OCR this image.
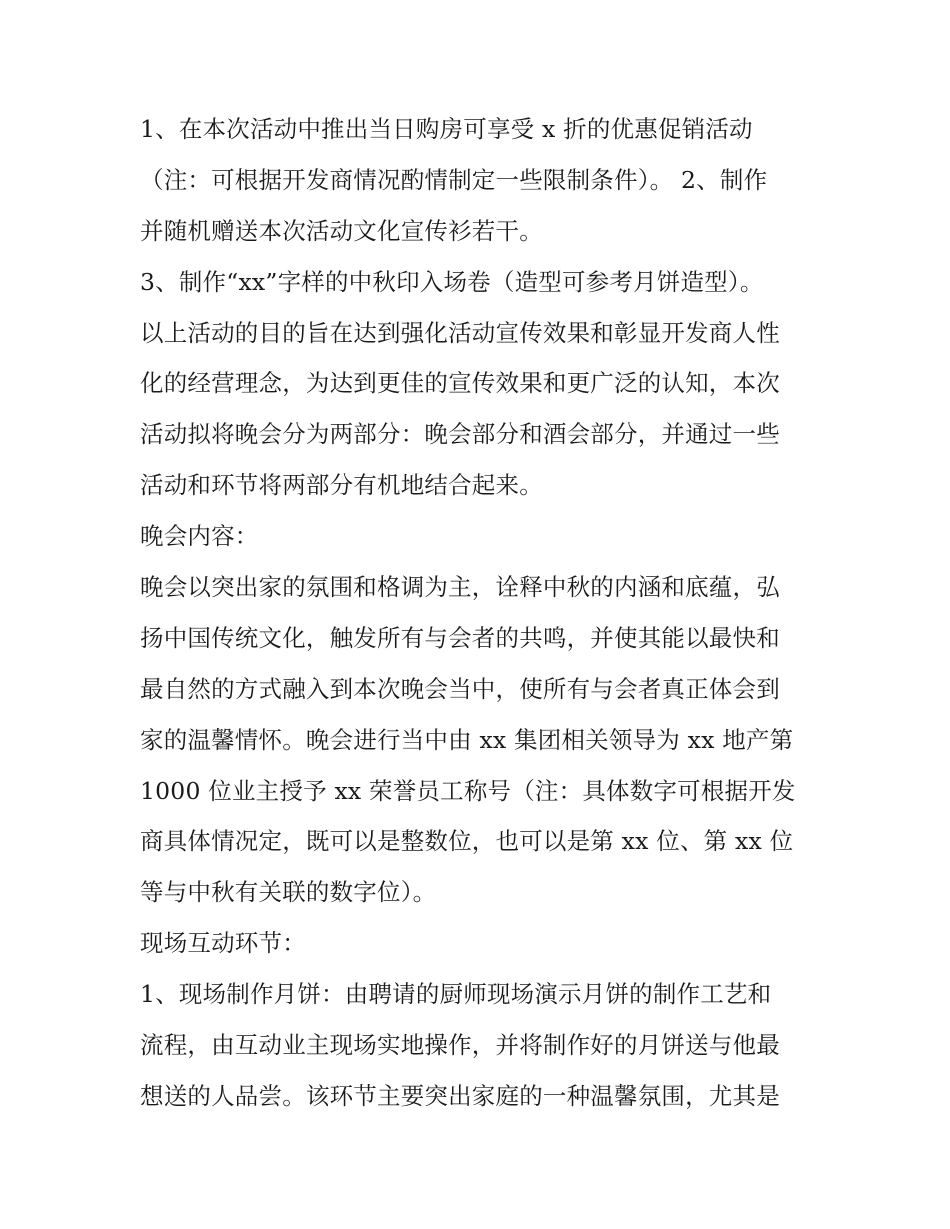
1、在本次活动中推出当日购房可享受 x 折的优惠促销活动

（注：可根据开发商情况酌情制定一些限制条件）。 2、制作

并随机赠送本次活动文化宣传衫若干。

3、制作“xx”字样的中秋印入场卷（造型可参考月饼造型）。

以上活动的目的旨在达到强化活动宣传效果和彰显开发商人性

化的经营理念，为达到更佳的宣传效果和更广泛的认知，本次

活动拟将晚会分为两部分：晚会部分和酒会部分，并通过一些

活动和环节将两部分有机地结合起来。

晚会内容：

晚会以突出家的氛围和格调为主，诠释中秋的内涵和底蕴，弘

扬中国传统文化，触发所有与会者的共鸣，并使其能以最快和

最自然的方式融入到本次晚会当中，使所有与会者真正体会到

家的温馨情怀。晚会进行当中由 xx 集团相关领导为 xx 地产第

1000 位业主授予 xx 荣誉员工称号（注：具体数字可根据开发

商具体情况定，既可以是整数位，也可以是第 xx 位、第 xx 位

等与中秋有关联的数字位）。

现场互动环节：

1、现场制作月饼：由聘请的厨师现场演示月饼的制作工艺和

流程，由互动业主现场实地操作，并将制作好的月饼送与他最

想送的人品尝。该环节主要突出家庭的一种温馨氛围，尤其是
